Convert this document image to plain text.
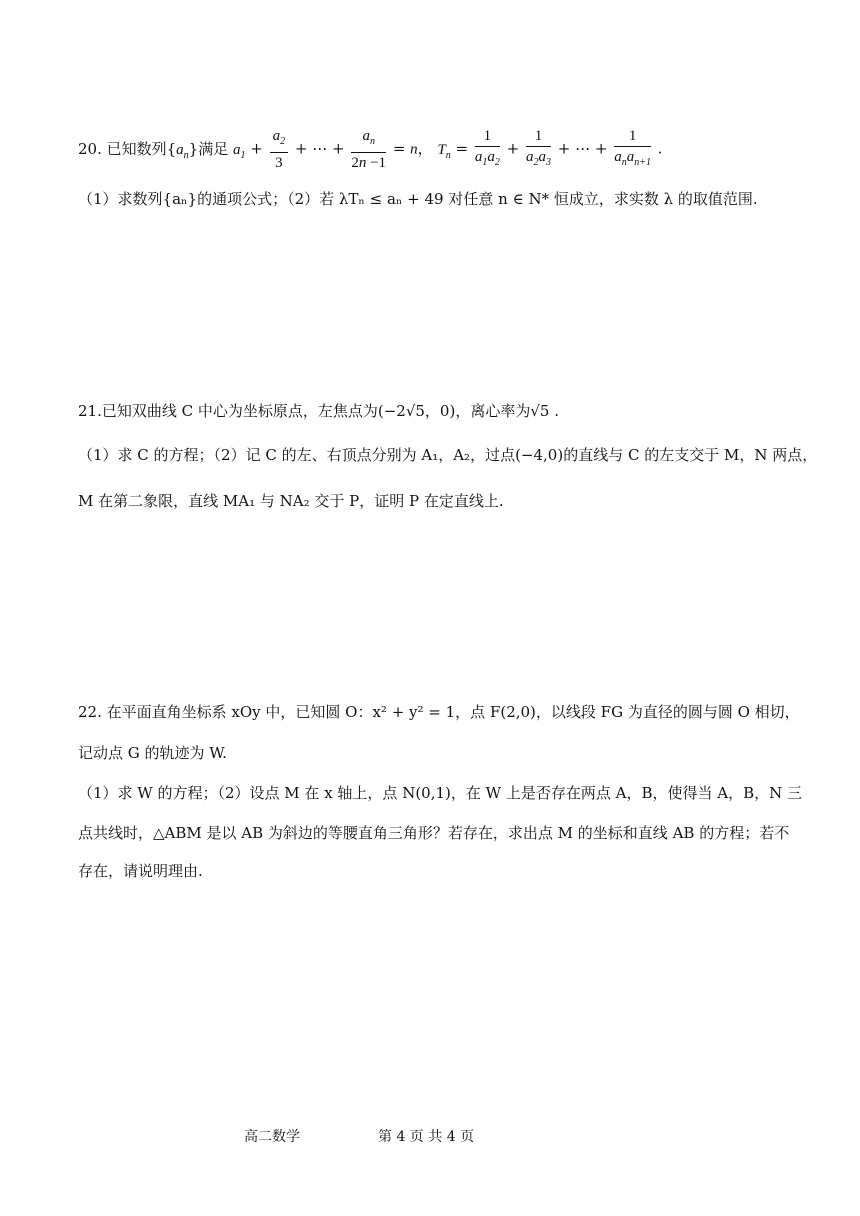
20. 已知数列$\{a_n\}$满足 $a_1 + \frac{a_2}{3}$ + ⋯ + $\frac{a_n}{2n -1} = n$， $T_n = \frac{1}{a_1a_2} + \frac{1}{a_2a_3}$ + ⋯ + $\frac{1}{a_na_{n+1}}$ .
（1）求数列{aₙ}的通项公式；（2）若 λTₙ ≤ aₙ + 49 对任意 n ∈ N* 恒成立，求实数 λ 的取值范围.
21.已知双曲线 C 中心为坐标原点，左焦点为(−2√5，0)，离心率为√5 .
（1）求 C 的方程；（2）记 C 的左、右顶点分别为 A₁，A₂，过点(−4,0)的直线与 C 的左支交于 M，N 两点，
M 在第二象限，直线 MA₁ 与 NA₂ 交于 P，证明 P 在定直线上.
22. 在平面直角坐标系 xOy 中，已知圆 O：x² + y² = 1，点 F(2,0)，以线段 FG 为直径的圆与圆 O 相切，
记动点 G 的轨迹为 W.
（1）求 W 的方程；（2）设点 M 在 x 轴上，点 N(0,1)，在 W 上是否存在两点 A，B，使得当 A，B，N 三
点共线时，△ABM 是以 AB 为斜边的等腰直角三角形？若存在，求出点 M 的坐标和直线 AB 的方程；若不
存在，请说明理由.
高二数学	第 4 页 共 4 页
